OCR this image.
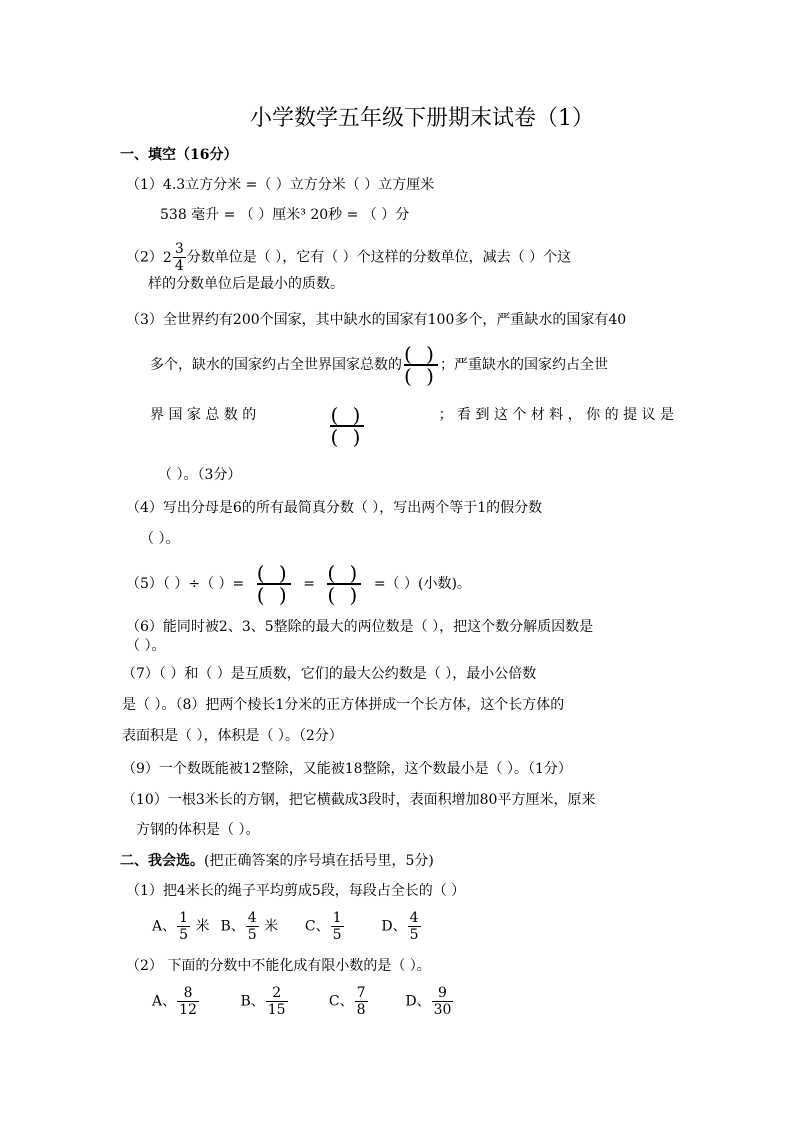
小学数学五年级下册期末试卷（1）
一、填空（16分）
（1）4.3立方分米 =（ ）立方分米（ ）立方厘米
538 毫升 = （ ）厘米³ 20秒 = （ ）分
（2） $2 \frac{3}{4}$ 分数单位是（ ），它有（ ）个这样的分数单位，减去（ ）个这
样的分数单位后是最小的质数。
（3）全世界约有200个国家，其中缺水的国家有100多个，严重缺水的国家有40
多个，缺水的国家约占全世界国家总数的 ( )
( ) ；严重缺水的国家约占全世
界 国 家 总 数 的	( )
( )
； 看 到 这 个 材 料 ， 你 的 提 议 是
（ ）。（3分）
（4）写出分母是6的所有最简真分数（ ），写出两个等于1的假分数
（ ）。
（5）（ ）÷（ ）= ( )
( ) = ( )
( ) =（ ）(小数)。
（6）能同时被2、3、5整除的最大的两位数是（ ），把这个数分解质因数是
（ ）。
（7）（ ）和（ ）是互质数，它们的最大公约数是（ ），最小公倍数
是（ ）。（8）把两个棱长1分米的正方体拼成一个长方体，这个长方体的
表面积是（ ），体积是（ ）。（2分）
（9）一个数既能被12整除，又能被18整除，这个数最小是（ ）。（1分）
（10）一根3米长的方钢，把它横截成3段时，表面积增加80平方厘米，原来
方钢的体积是（ ）。
二、我会选。(把正确答案的序号填在括号里，5分)
（1）把4米长的绳子平均剪成5段，每段占全长的（ ）
A、 $\frac{1}{5}$ 米 B、 $\frac{4}{5}$ 米 C、 $\frac{1}{5}$	D、 $\frac{4}{5}$
（2） 下面的分数中不能化成有限小数的是（ ）。
A、 $\frac{8}{12}$	B、 $\frac{2}{15}$	C、 $\frac{7}{8}$	D、 $\frac{9}{30}$
